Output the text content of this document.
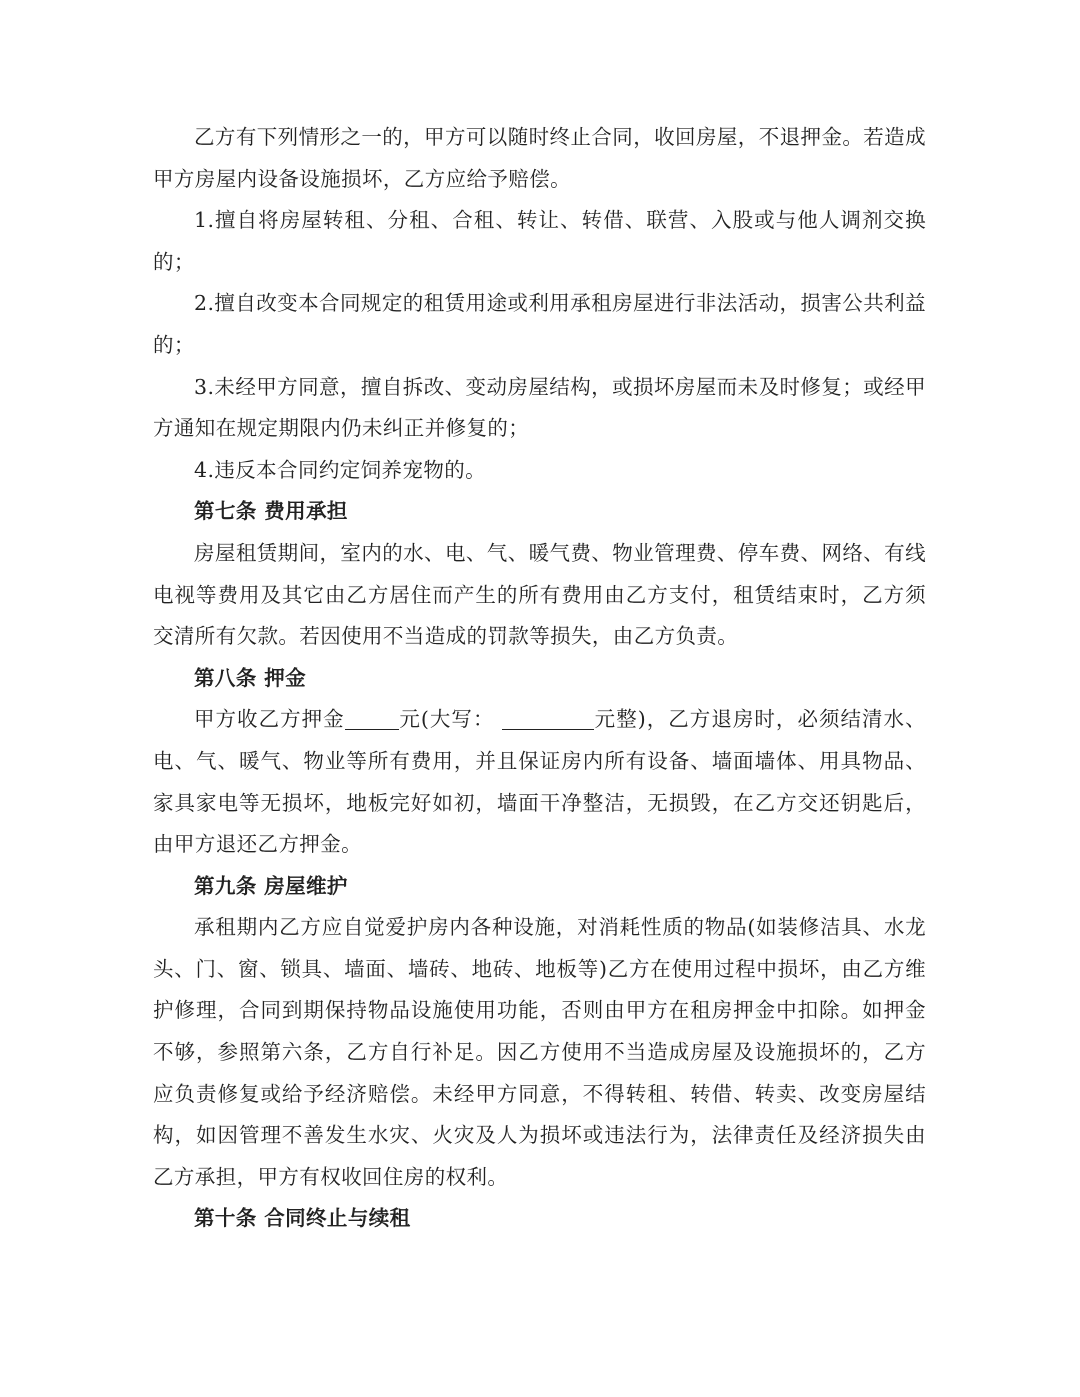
乙方有下列情形之一的，甲方可以随时终止合同，收回房屋，不退押金。若造成甲方房屋内设备设施损坏，乙方应给予赔偿。

1.擅自将房屋转租、分租、合租、转让、转借、联营、入股或与他人调剂交换的；

2.擅自改变本合同规定的租赁用途或利用承租房屋进行非法活动，损害公共利益的；

3.未经甲方同意，擅自拆改、变动房屋结构，或损坏房屋而未及时修复；或经甲方通知在规定期限内仍未纠正并修复的；

4.违反本合同约定饲养宠物的。

第七条 费用承担

房屋租赁期间，室内的水、电、气、暖气费、物业管理费、停车费、网络、有线电视等费用及其它由乙方居住而产生的所有费用由乙方支付，租赁结束时，乙方须交清所有欠款。若因使用不当造成的罚款等损失，由乙方负责。

第八条 押金

甲方收乙方押金	元(大写：	元整)，乙方退房时，必须结清水、电、气、暖气、物业等所有费用，并且保证房内所有设备、墙面墙体、用具物品、家具家电等无损坏，地板完好如初，墙面干净整洁，无损毁，在乙方交还钥匙后，由甲方退还乙方押金。

第九条 房屋维护

承租期内乙方应自觉爱护房内各种设施，对消耗性质的物品(如装修洁具、水龙头、门、窗、锁具、墙面、墙砖、地砖、地板等)乙方在使用过程中损坏，由乙方维护修理，合同到期保持物品设施使用功能，否则由甲方在租房押金中扣除。如押金不够，参照第六条，乙方自行补足。因乙方使用不当造成房屋及设施损坏的，乙方应负责修复或给予经济赔偿。未经甲方同意，不得转租、转借、转卖、改变房屋结构，如因管理不善发生水灾、火灾及人为损坏或违法行为，法律责任及经济损失由乙方承担，甲方有权收回住房的权利。

第十条 合同终止与续租
